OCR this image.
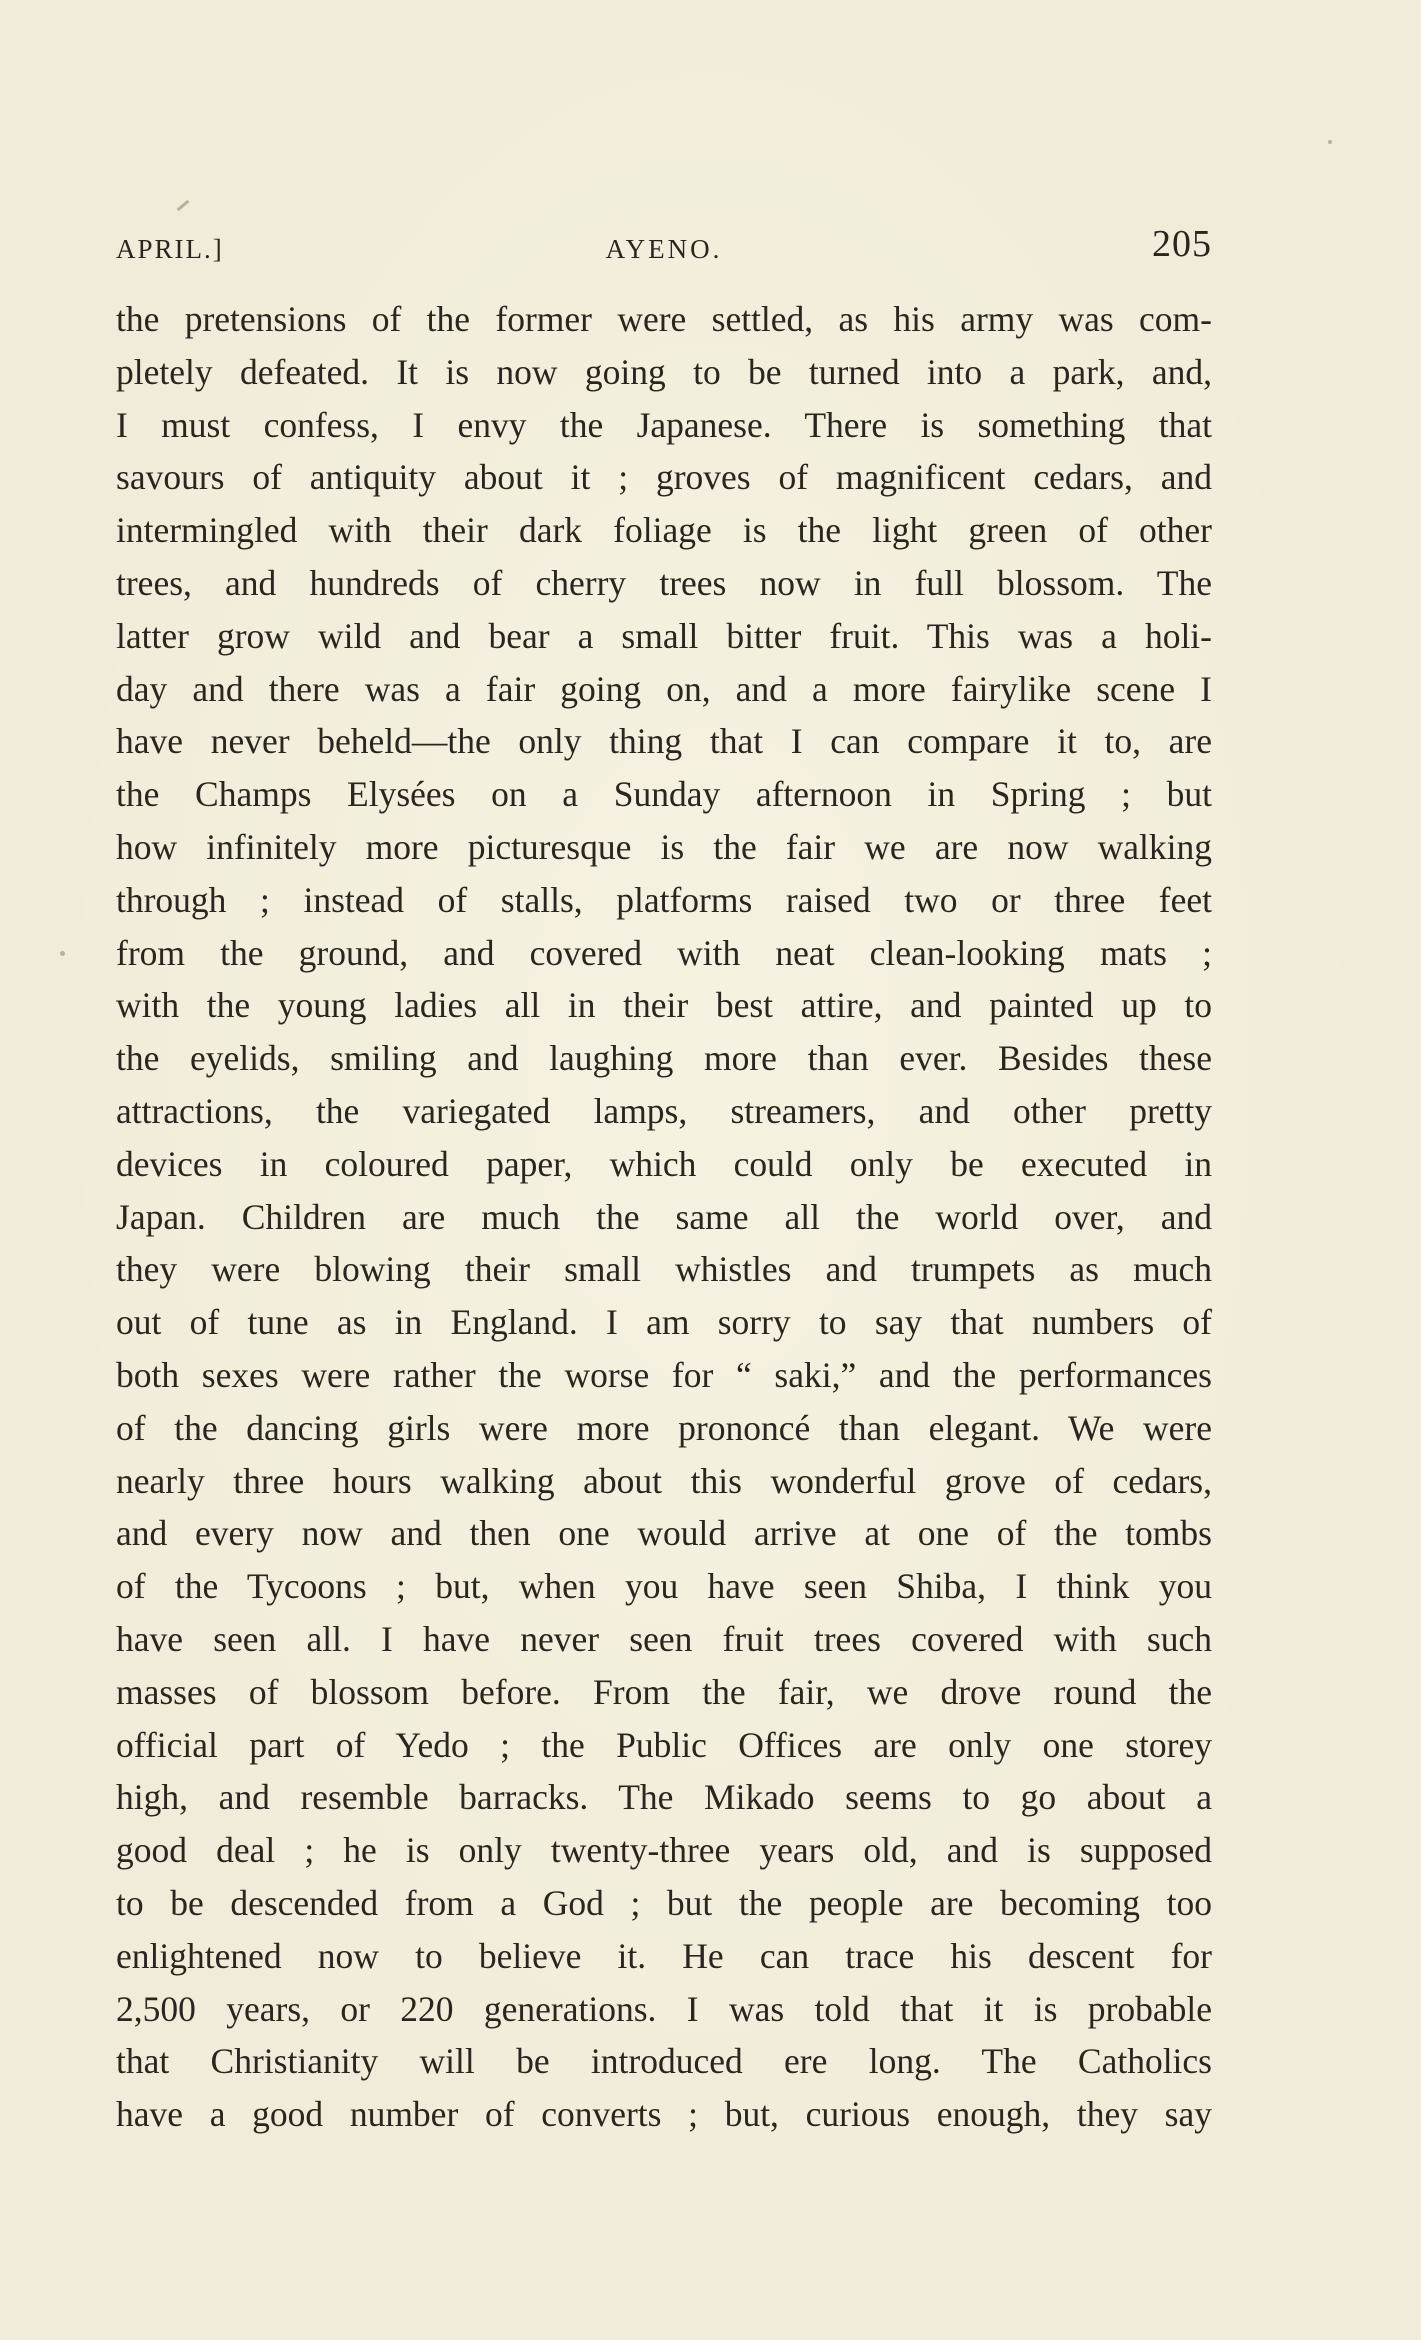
APRIL.]	AYENO.	205
the pretensions of the former were settled, as his army was com-
pletely defeated. It is now going to be turned into a park, and,
I must confess, I envy the Japanese. There is something that
savours of antiquity about it ; groves of magnificent cedars, and
intermingled with their dark foliage is the light green of other
trees, and hundreds of cherry trees now in full blossom. The
latter grow wild and bear a small bitter fruit. This was a holi-
day and there was a fair going on, and a more fairylike scene I
have never beheld—the only thing that I can compare it to, are
the Champs Elysées on a Sunday afternoon in Spring ; but
how infinitely more picturesque is the fair we are now walking
through ; instead of stalls, platforms raised two or three feet
from the ground, and covered with neat clean-looking mats ;
with the young ladies all in their best attire, and painted up to
the eyelids, smiling and laughing more than ever. Besides these
attractions, the variegated lamps, streamers, and other pretty
devices in coloured paper, which could only be executed in
Japan. Children are much the same all the world over, and
they were blowing their small whistles and trumpets as much
out of tune as in England. I am sorry to say that numbers of
both sexes were rather the worse for “ saki,” and the performances
of the dancing girls were more prononcé than elegant. We were
nearly three hours walking about this wonderful grove of cedars,
and every now and then one would arrive at one of the tombs
of the Tycoons ; but, when you have seen Shiba, I think you
have seen all. I have never seen fruit trees covered with such
masses of blossom before. From the fair, we drove round the
official part of Yedo ; the Public Offices are only one storey
high, and resemble barracks. The Mikado seems to go about a
good deal ; he is only twenty-three years old, and is supposed
to be descended from a God ; but the people are becoming too
enlightened now to believe it. He can trace his descent for
2,500 years, or 220 generations. I was told that it is probable
that Christianity will be introduced ere long. The Catholics
have a good number of converts ; but, curious enough, they say
